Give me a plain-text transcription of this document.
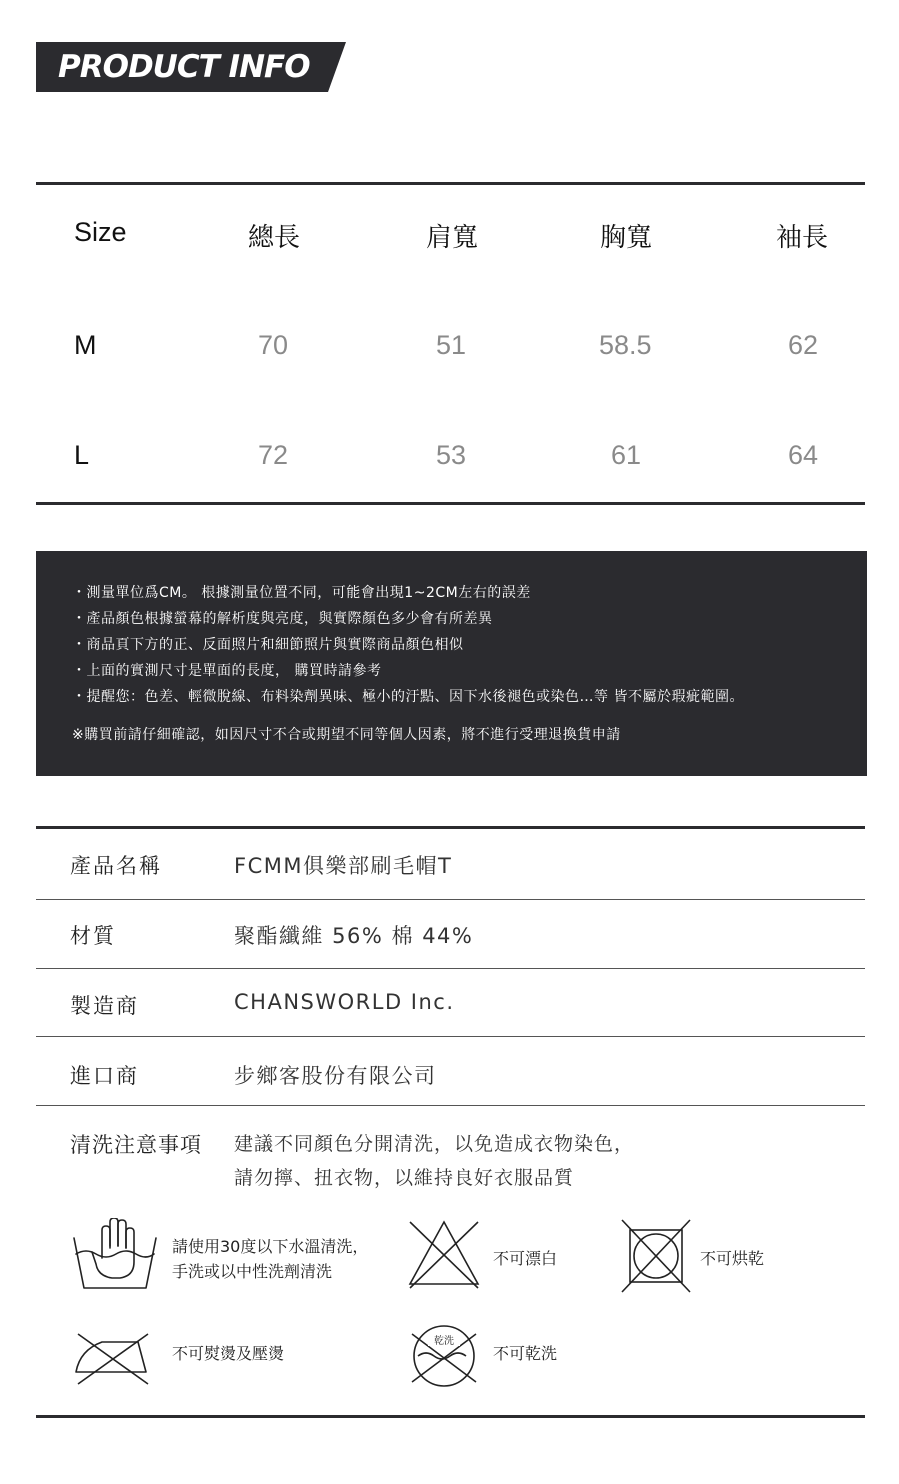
PRODUCT INFO
Size	總長	肩寬	胸寬	袖長
M	70	51	58.5	62
L	72	53	61	64
・測量單位爲CM。 根據測量位置不同，可能會出現1~2CM左右的誤差
・產品顏色根據螢幕的解析度與亮度，與實際顏色多少會有所差異
・商品頁下方的正、反面照片和細節照片與實際商品顏色相似
・上面的實測尺寸是單面的長度， 購買時請參考
・提醒您：色差、輕微脫線、布料染劑異味、極小的汙點、因下水後褪色或染色…等 皆不屬於瑕疵範圍。
※購買前請仔細確認，如因尺寸不合或期望不同等個人因素，將不進行受理退換貨申請
產品名稱	FCMM俱樂部刷毛帽T
材質	聚酯纖維 56% 棉 44%
製造商	CHANSWORLD Inc.
進口商	步鄉客股份有限公司
清洗注意事項 建議不同顏色分開清洗，以免造成衣物染色，
請勿擰、扭衣物，以維持良好衣服品質
請使用30度以下水溫清洗，
手洗或以中性洗劑清洗
不可漂白	不可烘乾
不可熨燙及壓燙
乾洗
不可乾洗
